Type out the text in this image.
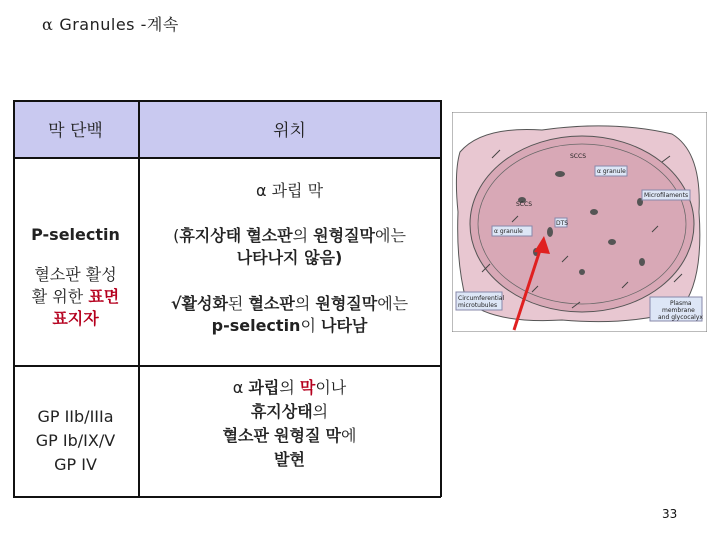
α Granules -계속
막 단백	위치
α 과립 막
P-selectin
혈소판 활성
활 위한 표면
표지자
(휴지상태 혈소판의 원형질막에는
나타나지 않음)
√활성화된 혈소판의 원형질막에는
p-selectin이 나타남
GP IIb/IIIa
GP Ib/IX/V
GP IV
α 과립의 막이나
휴지상태의
혈소판 원형질 막에
발현
SCCS
α granule
Microfilaments
SCCS
DTS
α granule
Circumferential
microtubules	Plasma
membrane
and glycocalyx
33
